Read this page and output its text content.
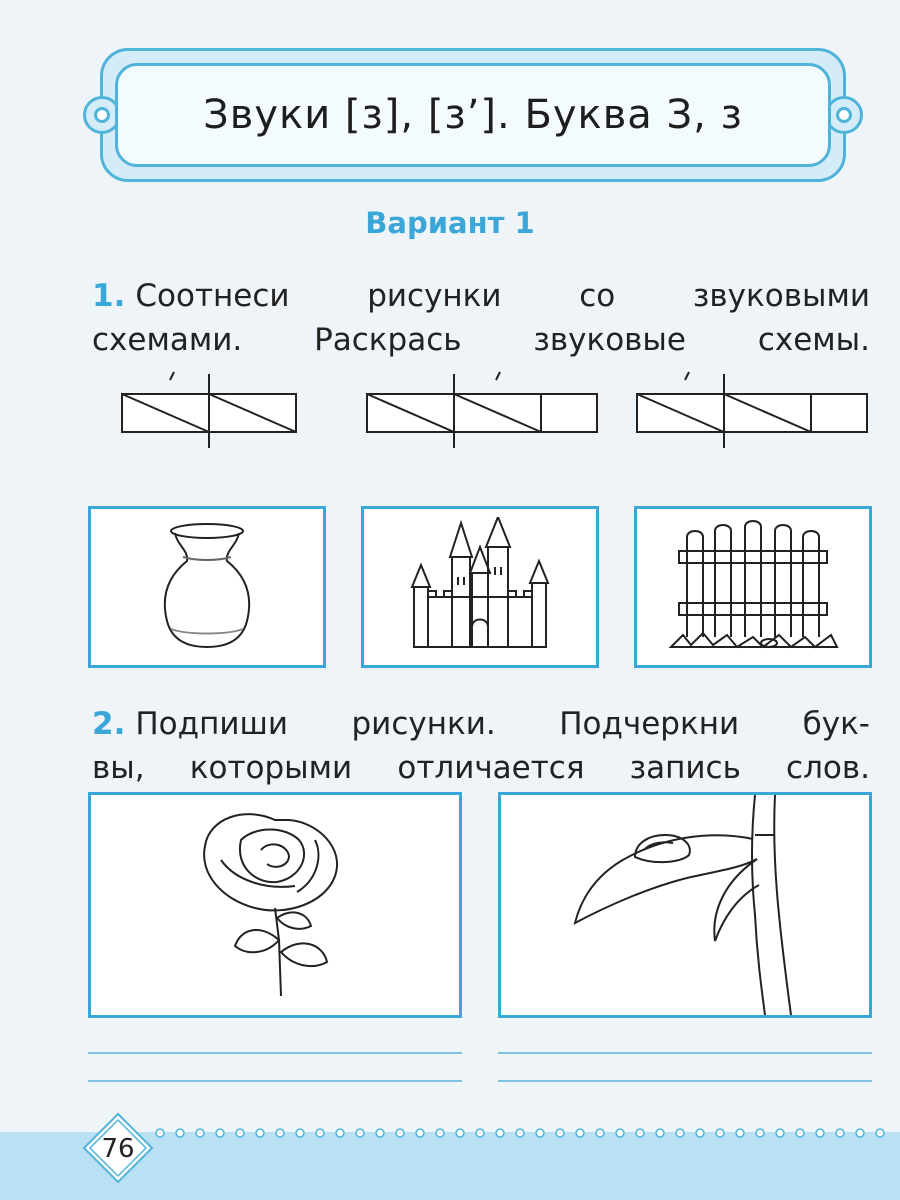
Звуки [з], [з’]. Буква З, з
Вариант 1
1. Соотнеси рисунки со звуковыми
схемами. Раскрась звуковые схемы.
2. Подпиши рисунки. Подчеркни бук-
вы, которыми отличается запись слов.
76
